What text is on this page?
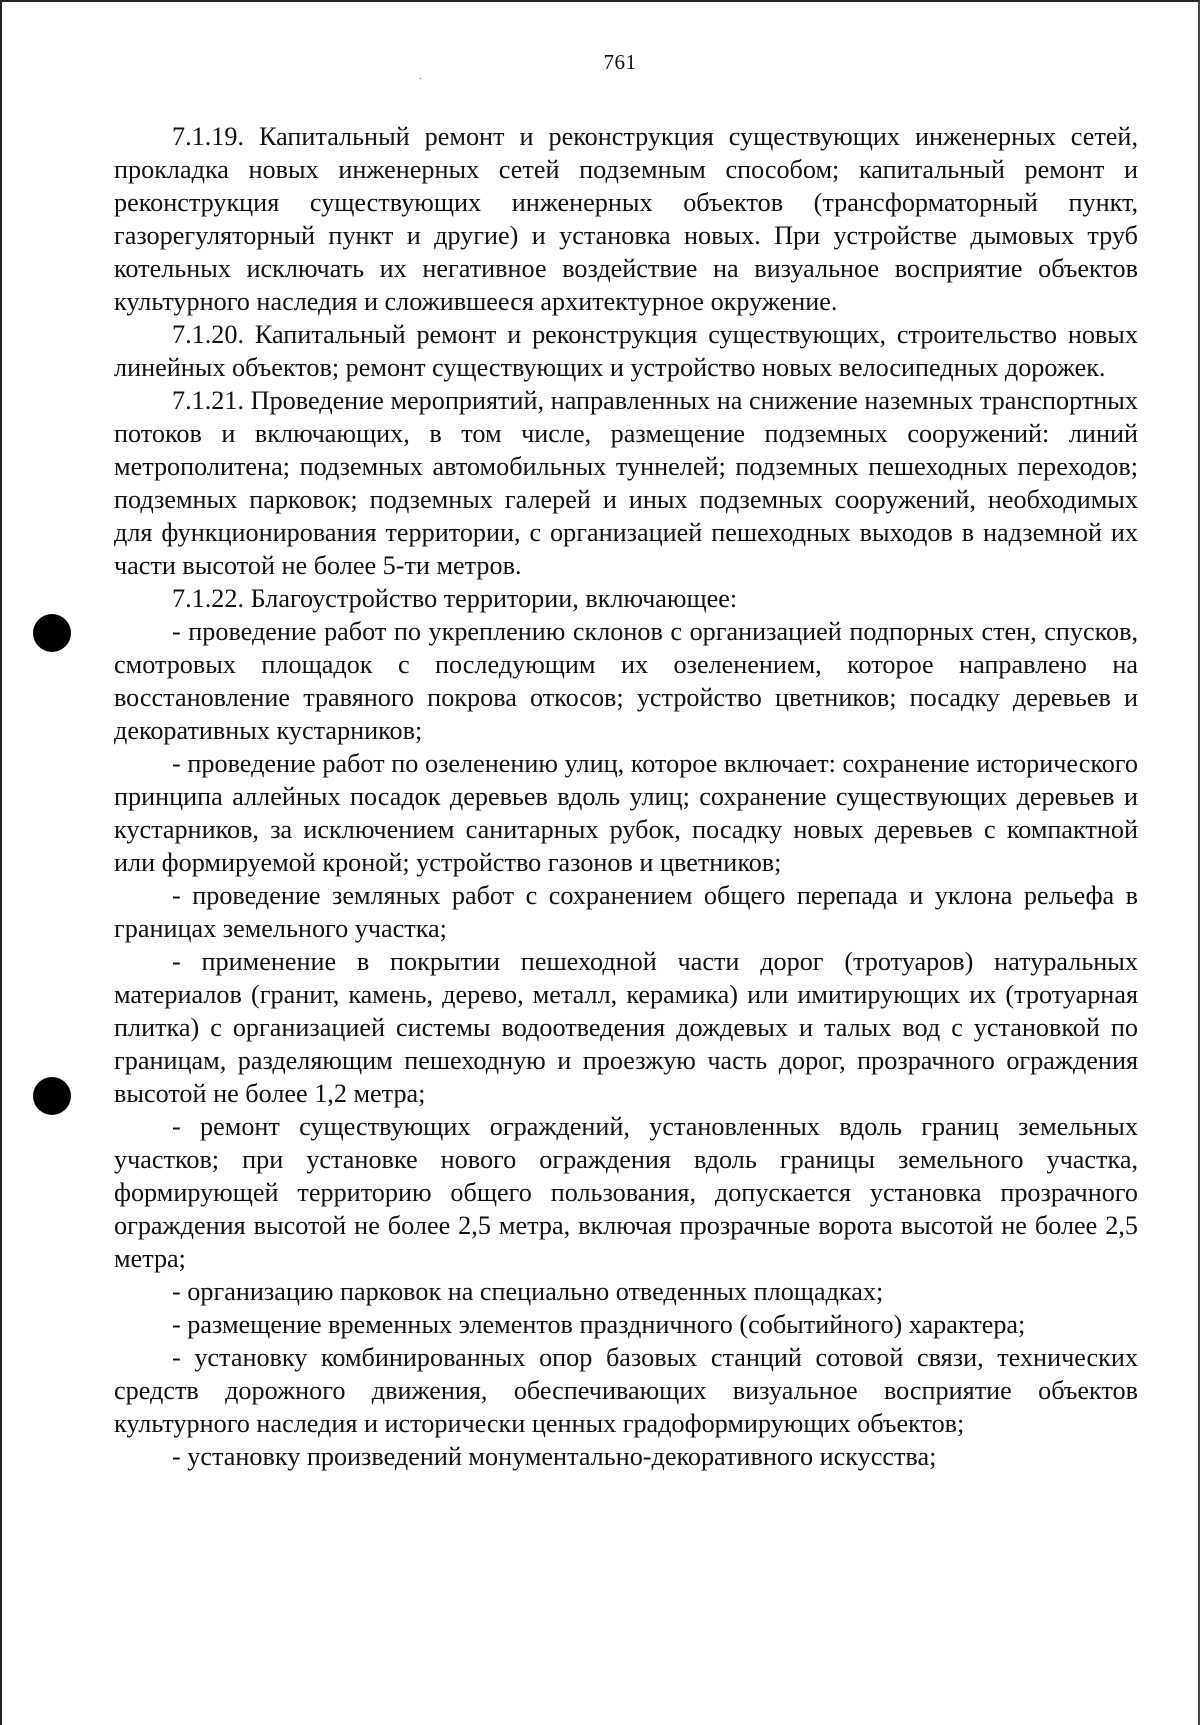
761

7.1.19. Капитальный ремонт и реконструкция существующих инженерных сетей, прокладка новых инженерных сетей подземным способом; капитальный ремонт и реконструкция существующих инженерных объектов (трансформаторный пункт, газорегуляторный пункт и другие) и установка новых. При устройстве дымовых труб котельных исключать их негативное воздействие на визуальное восприятие объектов культурного наследия и сложившееся архитектурное окружение.

7.1.20. Капитальный ремонт и реконструкция существующих, строительство новых линейных объектов; ремонт существующих и устройство новых велосипедных дорожек.

7.1.21. Проведение мероприятий, направленных на снижение наземных транспортных потоков и включающих, в том числе, размещение подземных сооружений: линий метрополитена; подземных автомобильных туннелей; подземных пешеходных переходов; подземных парковок; подземных галерей и иных подземных сооружений, необходимых для функционирования территории, с организацией пешеходных выходов в надземной их части высотой не более 5-ти метров.

7.1.22. Благоустройство территории, включающее:

- проведение работ по укреплению склонов с организацией подпорных стен, спусков, смотровых площадок с последующим их озеленением, которое направлено на восстановление травяного покрова откосов; устройство цветников; посадку деревьев и декоративных кустарников;

- проведение работ по озеленению улиц, которое включает: сохранение исторического принципа аллейных посадок деревьев вдоль улиц; сохранение существующих деревьев и кустарников, за исключением санитарных рубок, посадку новых деревьев с компактной или формируемой кроной; устройство газонов и цветников;

- проведение земляных работ с сохранением общего перепада и уклона рельефа в границах земельного участка;

- применение в покрытии пешеходной части дорог (тротуаров) натуральных материалов (гранит, камень, дерево, металл, керамика) или имитирующих их (тротуарная плитка) с организацией системы водоотведения дождевых и талых вод с установкой по границам, разделяющим пешеходную и проезжую часть дорог, прозрачного ограждения высотой не более 1,2 метра;

- ремонт существующих ограждений, установленных вдоль границ земельных участков; при установке нового ограждения вдоль границы земельного участка, формирующей территорию общего пользования, допускается установка прозрачного ограждения высотой не более 2,5 метра, включая прозрачные ворота высотой не более 2,5 метра;

- организацию парковок на специально отведенных площадках;

- размещение временных элементов праздничного (событийного) характера;

- установку комбинированных опор базовых станций сотовой связи, технических средств дорожного движения, обеспечивающих визуальное восприятие объектов культурного наследия и исторически ценных градоформирующих объектов;

- установку произведений монументально-декоративного искусства;
